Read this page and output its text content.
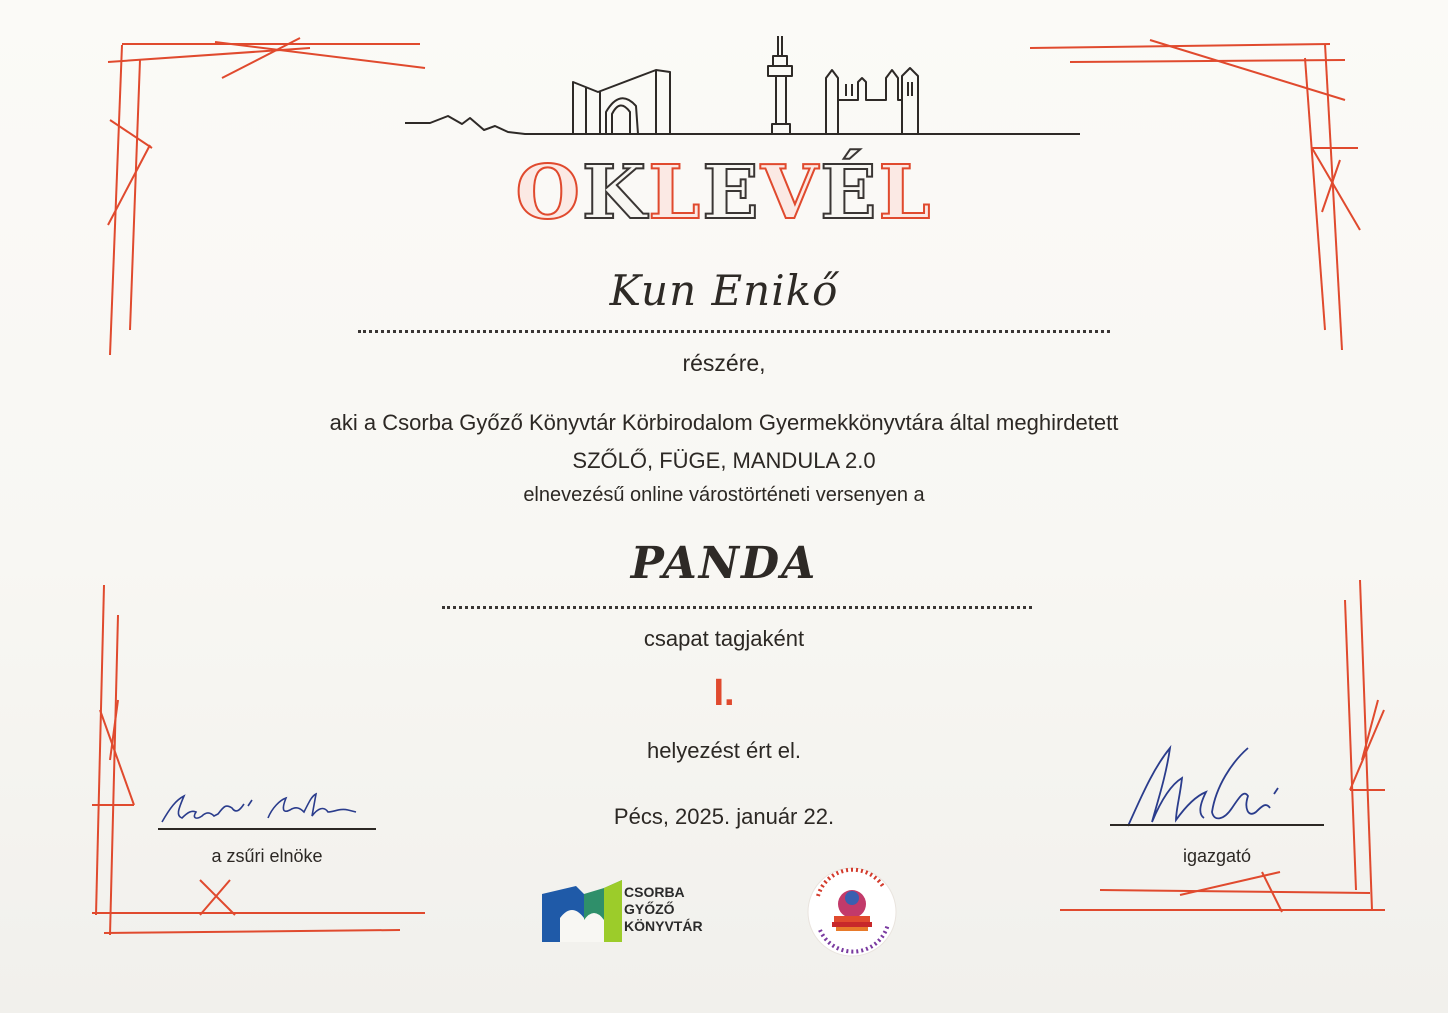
OKLEVÉL
Kun Enikő
részére,
aki a Csorba Győző Könyvtár Körbirodalom Gyermekkönyvtára által meghirdetett
SZŐLŐ, FÜGE, MANDULA 2.0
elnevezésű online várostörténeti versenyen a
PANDA
csapat tagjaként
I.
helyezést ért el.
Pécs, 2025. január 22.
a zsűri elnöke	igazgató
CSORBA
GYŐZŐ
KÖNYVTÁR
